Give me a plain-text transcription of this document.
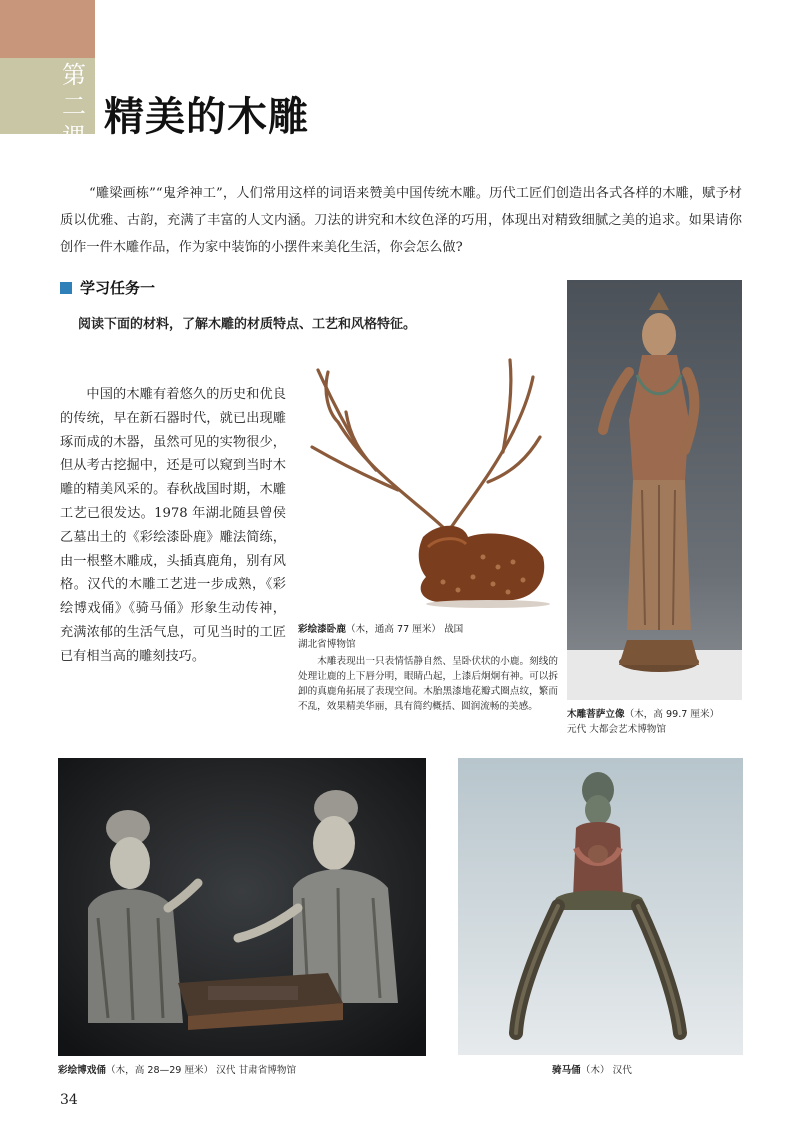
第二课 精美的木雕
“雕梁画栋”“鬼斧神工”，人们常用这样的词语来赞美中国传统木雕。历代工匠们创造出各式各样的木雕，赋予材质以优雅、古韵，充满了丰富的人文内涵。刀法的讲究和木纹色泽的巧用，体现出对精致细腻之美的追求。如果请你创作一件木雕作品，作为家中装饰的小摆件来美化生活，你会怎么做?
学习任务一
阅读下面的材料，了解木雕的材质特点、工艺和风格特征。
中国的木雕有着悠久的历史和优良的传统，早在新石器时代，就已出现雕琢而成的木器，虽然可见的实物很少，但从考古挖掘中，还是可以窥到当时木雕的精美风采的。春秋战国时期，木雕工艺已很发达。1978 年湖北随县曾侯乙墓出土的《彩绘漆卧鹿》雕法简练，由一根整木雕成，头插真鹿角，别有风格。汉代的木雕工艺进一步成熟，《彩绘博戏俑》《骑马俑》形象生动传神，充满浓郁的生活气息，可见当时的工匠已有相当高的雕刻技巧。
彩绘漆卧鹿（木，通高 77 厘米） 战国
湖北省博物馆
木雕表现出一只表情恬静自然、呈卧伏状的小鹿。刻线的处理让鹿的上下唇分明，眼睛凸起，上漆后炯炯有神。可以拆卸的真鹿角拓展了表现空间。木胎黑漆地花瓣式圈点纹，繁而不乱，效果精美华丽，具有简约概括、圆润流畅的美感。
木雕菩萨立像（木，高 99.7 厘米）
元代 大都会艺术博物馆
彩绘博戏俑（木，高 28—29 厘米） 汉代 甘肃省博物馆	骑马俑（木） 汉代
34
